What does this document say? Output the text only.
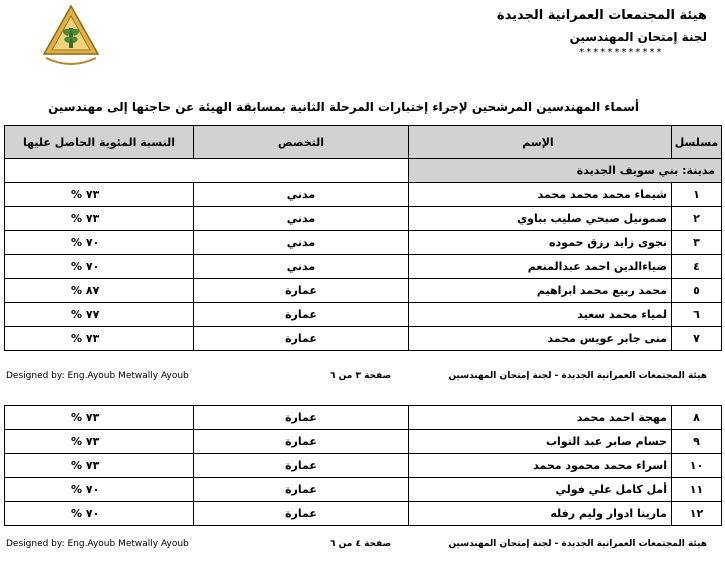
هيئة المجتمعات العمرانية الجديدة
لجنة إمتحان المهندسين
************
أسماء المهندسين المرشحين لإجراء إختبارات المرحلة الثانية بمسابقة الهيئة عن حاجتها إلى مهندسين
مسلسل	الإسم	التخصص	النسبة المئوية الحاصل عليها
مدينة: بني سويف الجديدة			
١	شيماء محمد محمد محمد	مدني	% ٧٣
٢	صمونيل صبحي صليب بباوي	مدني	% ٧٣
٣	نجوى زايد رزق حموده	مدني	% ٧٠
٤	ضياءالدين احمد عبدالمنعم	مدني	% ٧٠
٥	محمد ربيع محمد ابراهيم	عمارة	% ٨٧
٦	لمياء محمد سعيد	عمارة	% ٧٧
٧	منى جابر عويس محمد	عمارة	% ٧٣
Designed by: Eng.Ayoub Metwally Ayoub	صفحة ٣ من ٦	هيئة المجتمعات العمرانية الجديدة - لجنة إمتحان المهندسين
٨	مهجة احمد محمد	عمارة	% ٧٣
٩	حسام صابر عبد التواب	عمارة	% ٧٣
١٠	اسراء محمد محمود محمد	عمارة	% ٧٣
١١	أمل كامل علي فولي	عمارة	% ٧٠
١٢	مارينا ادوار وليم رفله	عمارة	% ٧٠
Designed by: Eng.Ayoub Metwally Ayoub	صفحة ٤ من ٦	هيئة المجتمعات العمرانية الجديدة - لجنة إمتحان المهندسين
